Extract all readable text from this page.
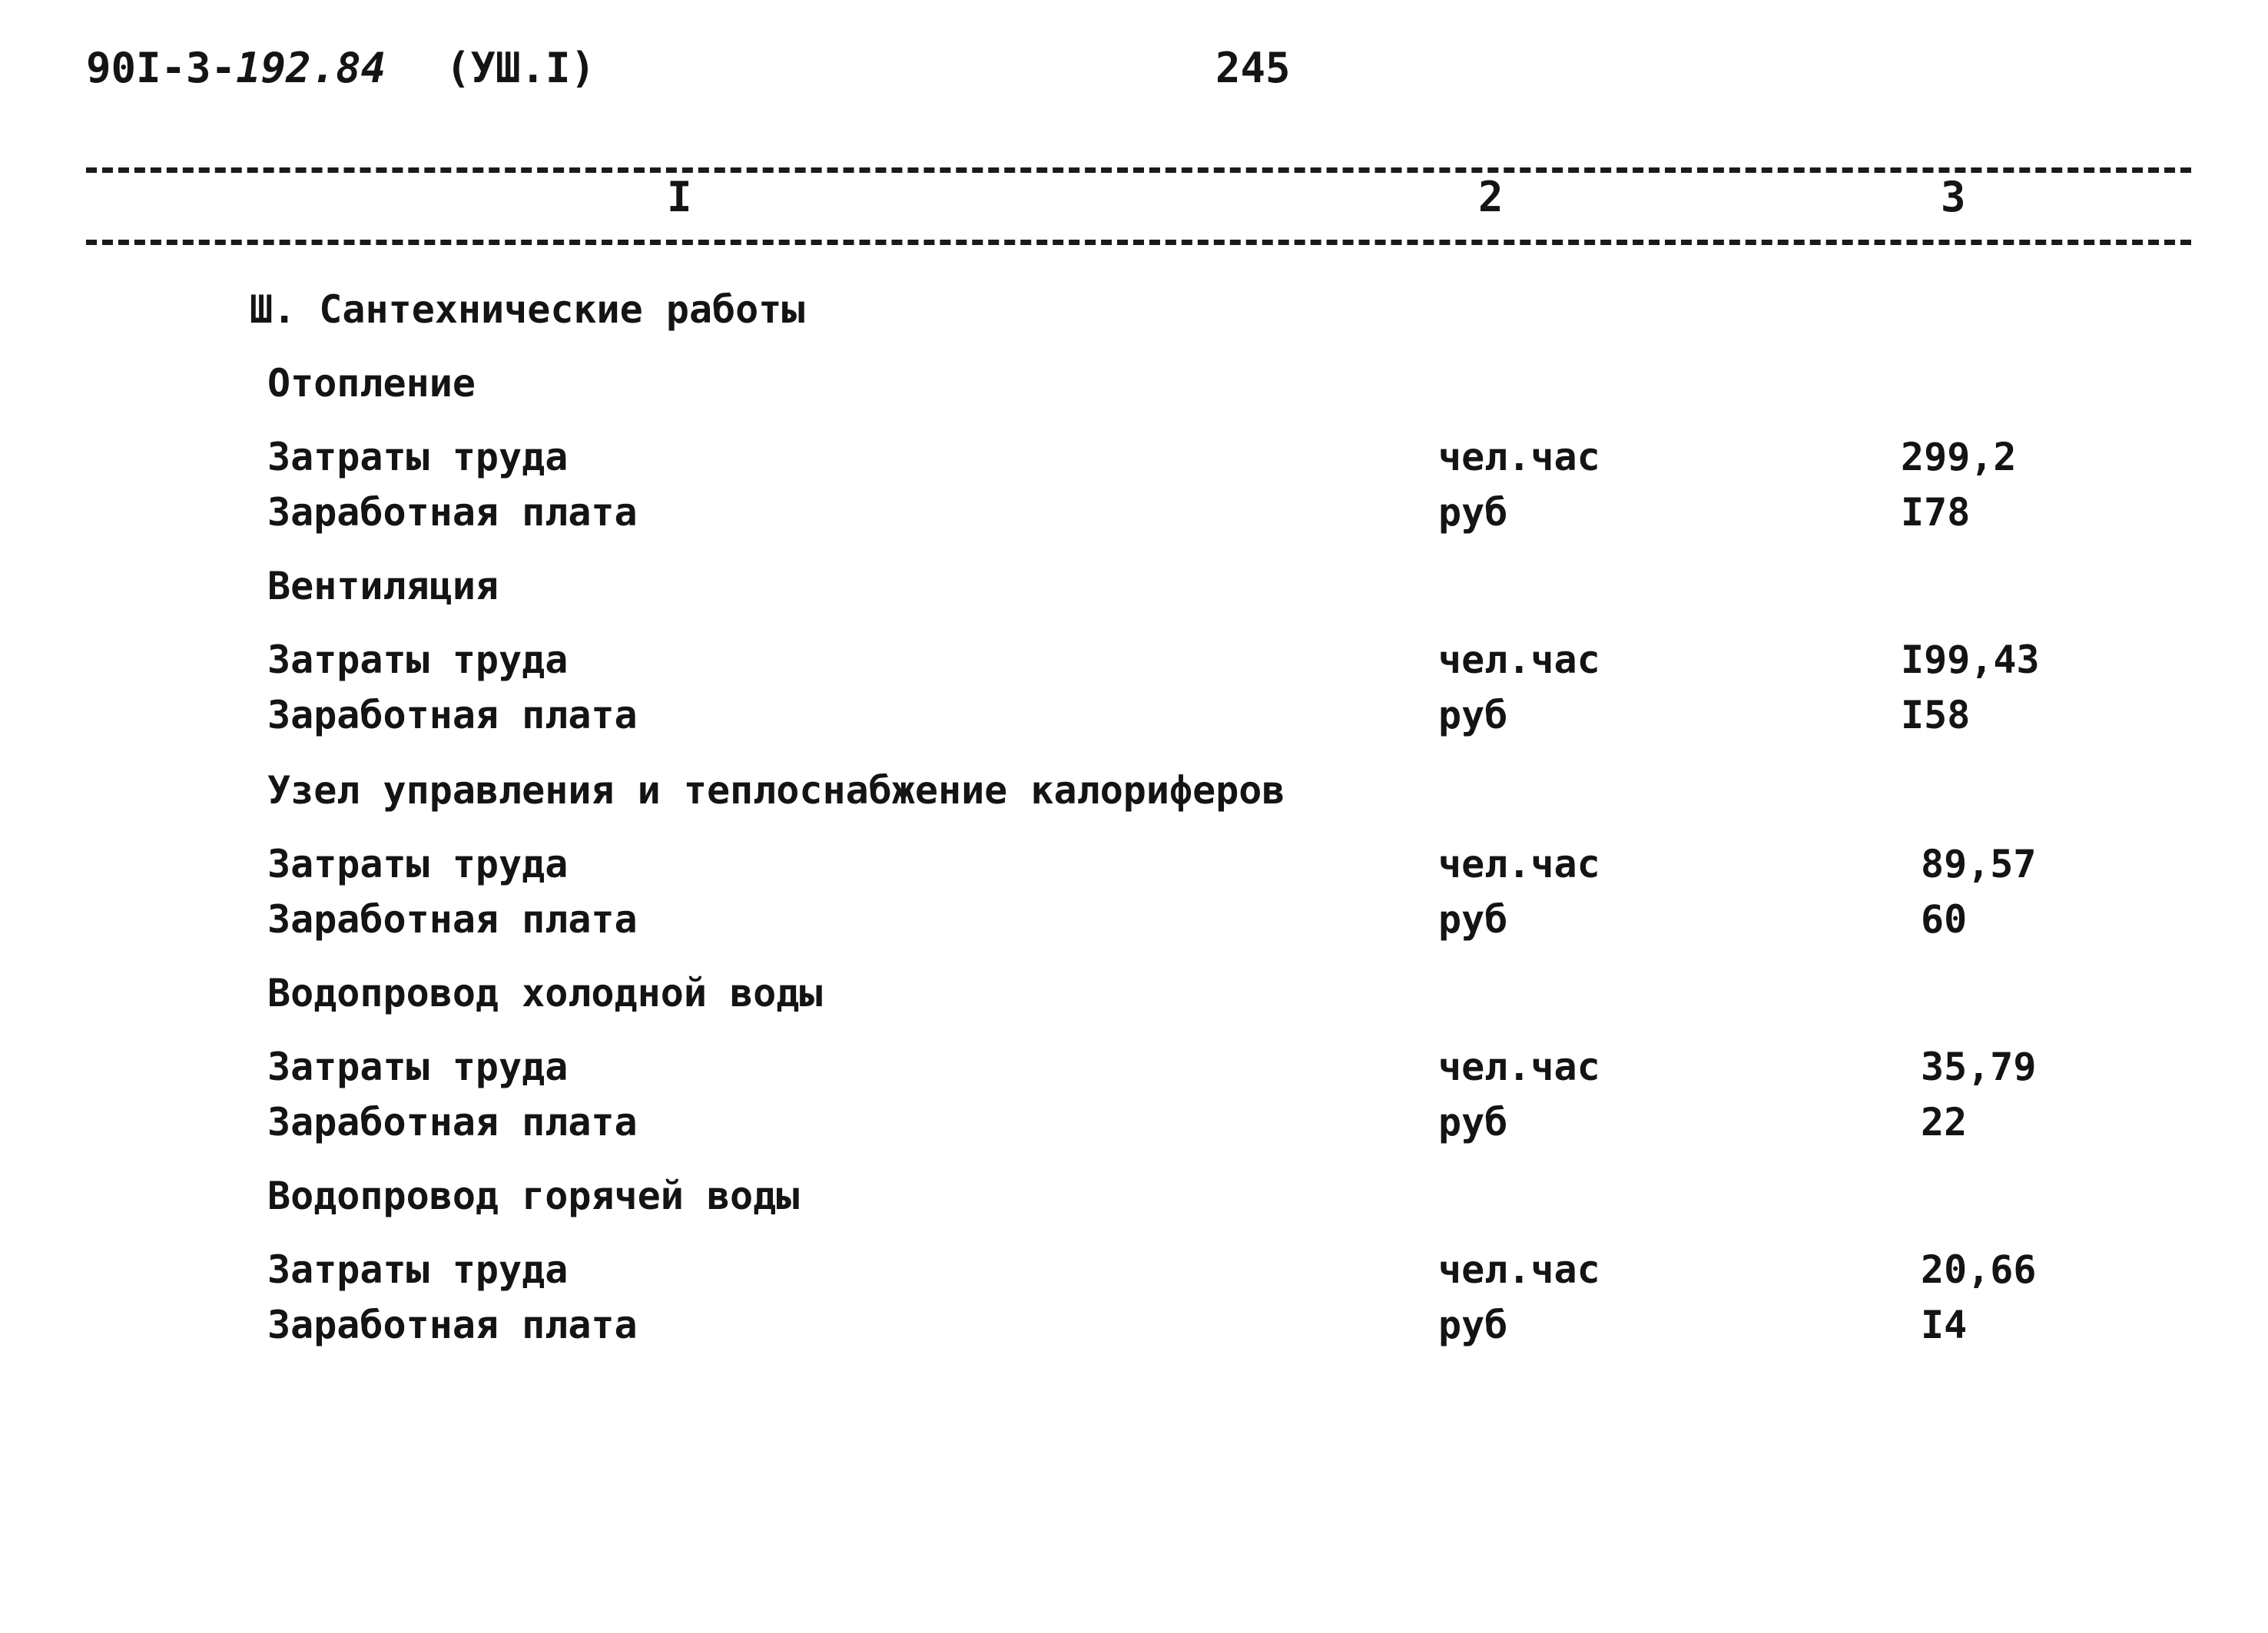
90I-3-192.84 (УШ.I)	245
I	2	3
Ш. Сантехнические работы
Отопление
Затраты труда	чел.час	299,2
Заработная плата	руб	I78
Вентиляция
Затраты труда	чел.час	I99,43
Заработная плата	руб	I58
Узел управления и теплоснабжение калориферов
Затраты труда	чел.час	89,57
Заработная плата	руб	60
Водопровод холодной воды
Затраты труда	чел.час	35,79
Заработная плата	руб	22
Водопровод горячей воды
Затраты труда	чел.час	20,66
Заработная плата	руб	I4
